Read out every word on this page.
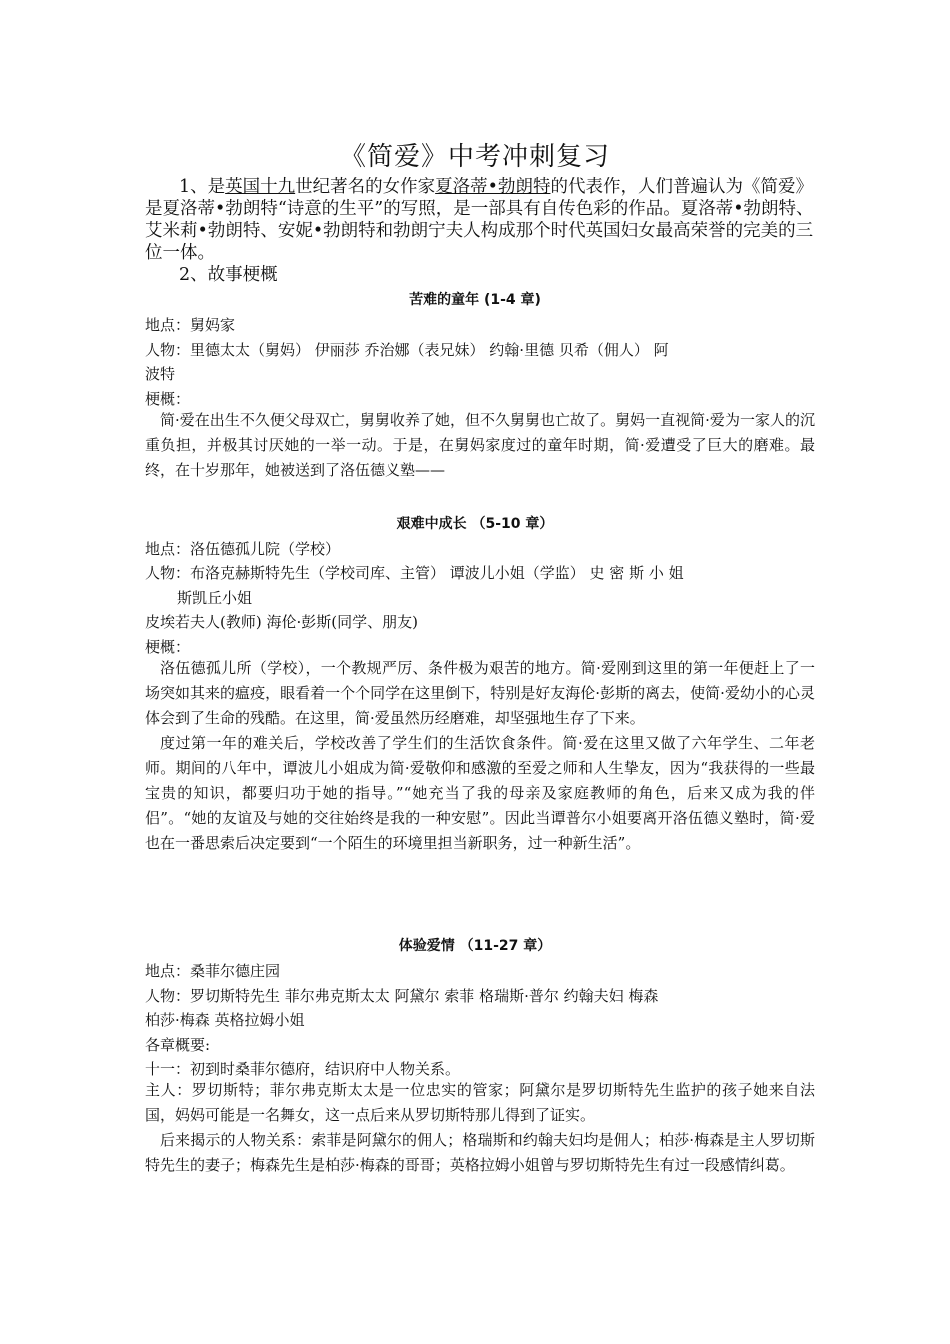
《简爱》中考冲刺复习

1、是英国十九世纪著名的女作家夏洛蒂•勃朗特的代表作，人们普遍认为《简爱》是夏洛蒂•勃朗特“诗意的生平”的写照，是一部具有自传色彩的作品。夏洛蒂•勃朗特、艾米莉•勃朗特、安妮•勃朗特和勃朗宁夫人构成那个时代英国妇女最高荣誉的完美的三位一体。

2、故事梗概

苦难的童年 (1-4 章)
地点：舅妈家
人物：里德太太（舅妈） 伊丽莎 乔治娜（表兄妹） 约翰·里德 贝希（佣人） 阿
波特
梗概：

简·爱在出生不久便父母双亡，舅舅收养了她，但不久舅舅也亡故了。舅妈一直视简·爱为一家人的沉重负担，并极其讨厌她的一举一动。于是，在舅妈家度过的童年时期，简·爱遭受了巨大的磨难。最终，在十岁那年，她被送到了洛伍德义塾——

艰难中成长 （5-10 章）
地点：洛伍德孤儿院（学校）
人物：布洛克赫斯特先生（学校司库、主管） 谭波儿小姐（学监） 史 密 斯 小 姐
斯凯丘小姐
皮埃若夫人(教师) 海伦·彭斯(同学、朋友)
梗概：

洛伍德孤儿所（学校），一个教规严厉、条件极为艰苦的地方。简·爱刚到这里的第一年便赶上了一场突如其来的瘟疫，眼看着一个个同学在这里倒下，特别是好友海伦·彭斯的离去，使简·爱幼小的心灵体会到了生命的残酷。在这里，简·爱虽然历经磨难，却坚强地生存了下来。

度过第一年的难关后，学校改善了学生们的生活饮食条件。简·爱在这里又做了六年学生、二年老师。期间的八年中，谭波儿小姐成为简·爱敬仰和感激的至爱之师和人生挚友，因为“我获得的一些最宝贵的知识，都要归功于她的指导。”“她充当了我的母亲及家庭教师的角色，后来又成为我的伴侣”。“她的友谊及与她的交往始终是我的一种安慰”。因此当谭普尔小姐要离开洛伍德义塾时，简·爱也在一番思索后决定要到“一个陌生的环境里担当新职务，过一种新生活”。

体验爱情 （11-27 章）
地点：桑菲尔德庄园
人物：罗切斯特先生 菲尔弗克斯太太 阿黛尔 索菲 格瑞斯·普尔 约翰夫妇 梅森
柏莎·梅森 英格拉姆小姐
各章概要:
十一：初到时桑菲尔德府，结识府中人物关系。

主人：罗切斯特；菲尔弗克斯太太是一位忠实的管家；阿黛尔是罗切斯特先生监护的孩子她来自法国，妈妈可能是一名舞女，这一点后来从罗切斯特那儿得到了证实。

后来揭示的人物关系：索菲是阿黛尔的佣人；格瑞斯和约翰夫妇均是佣人；柏莎·梅森是主人罗切斯特先生的妻子；梅森先生是柏莎·梅森的哥哥；英格拉姆小姐曾与罗切斯特先生有过一段感情纠葛。
